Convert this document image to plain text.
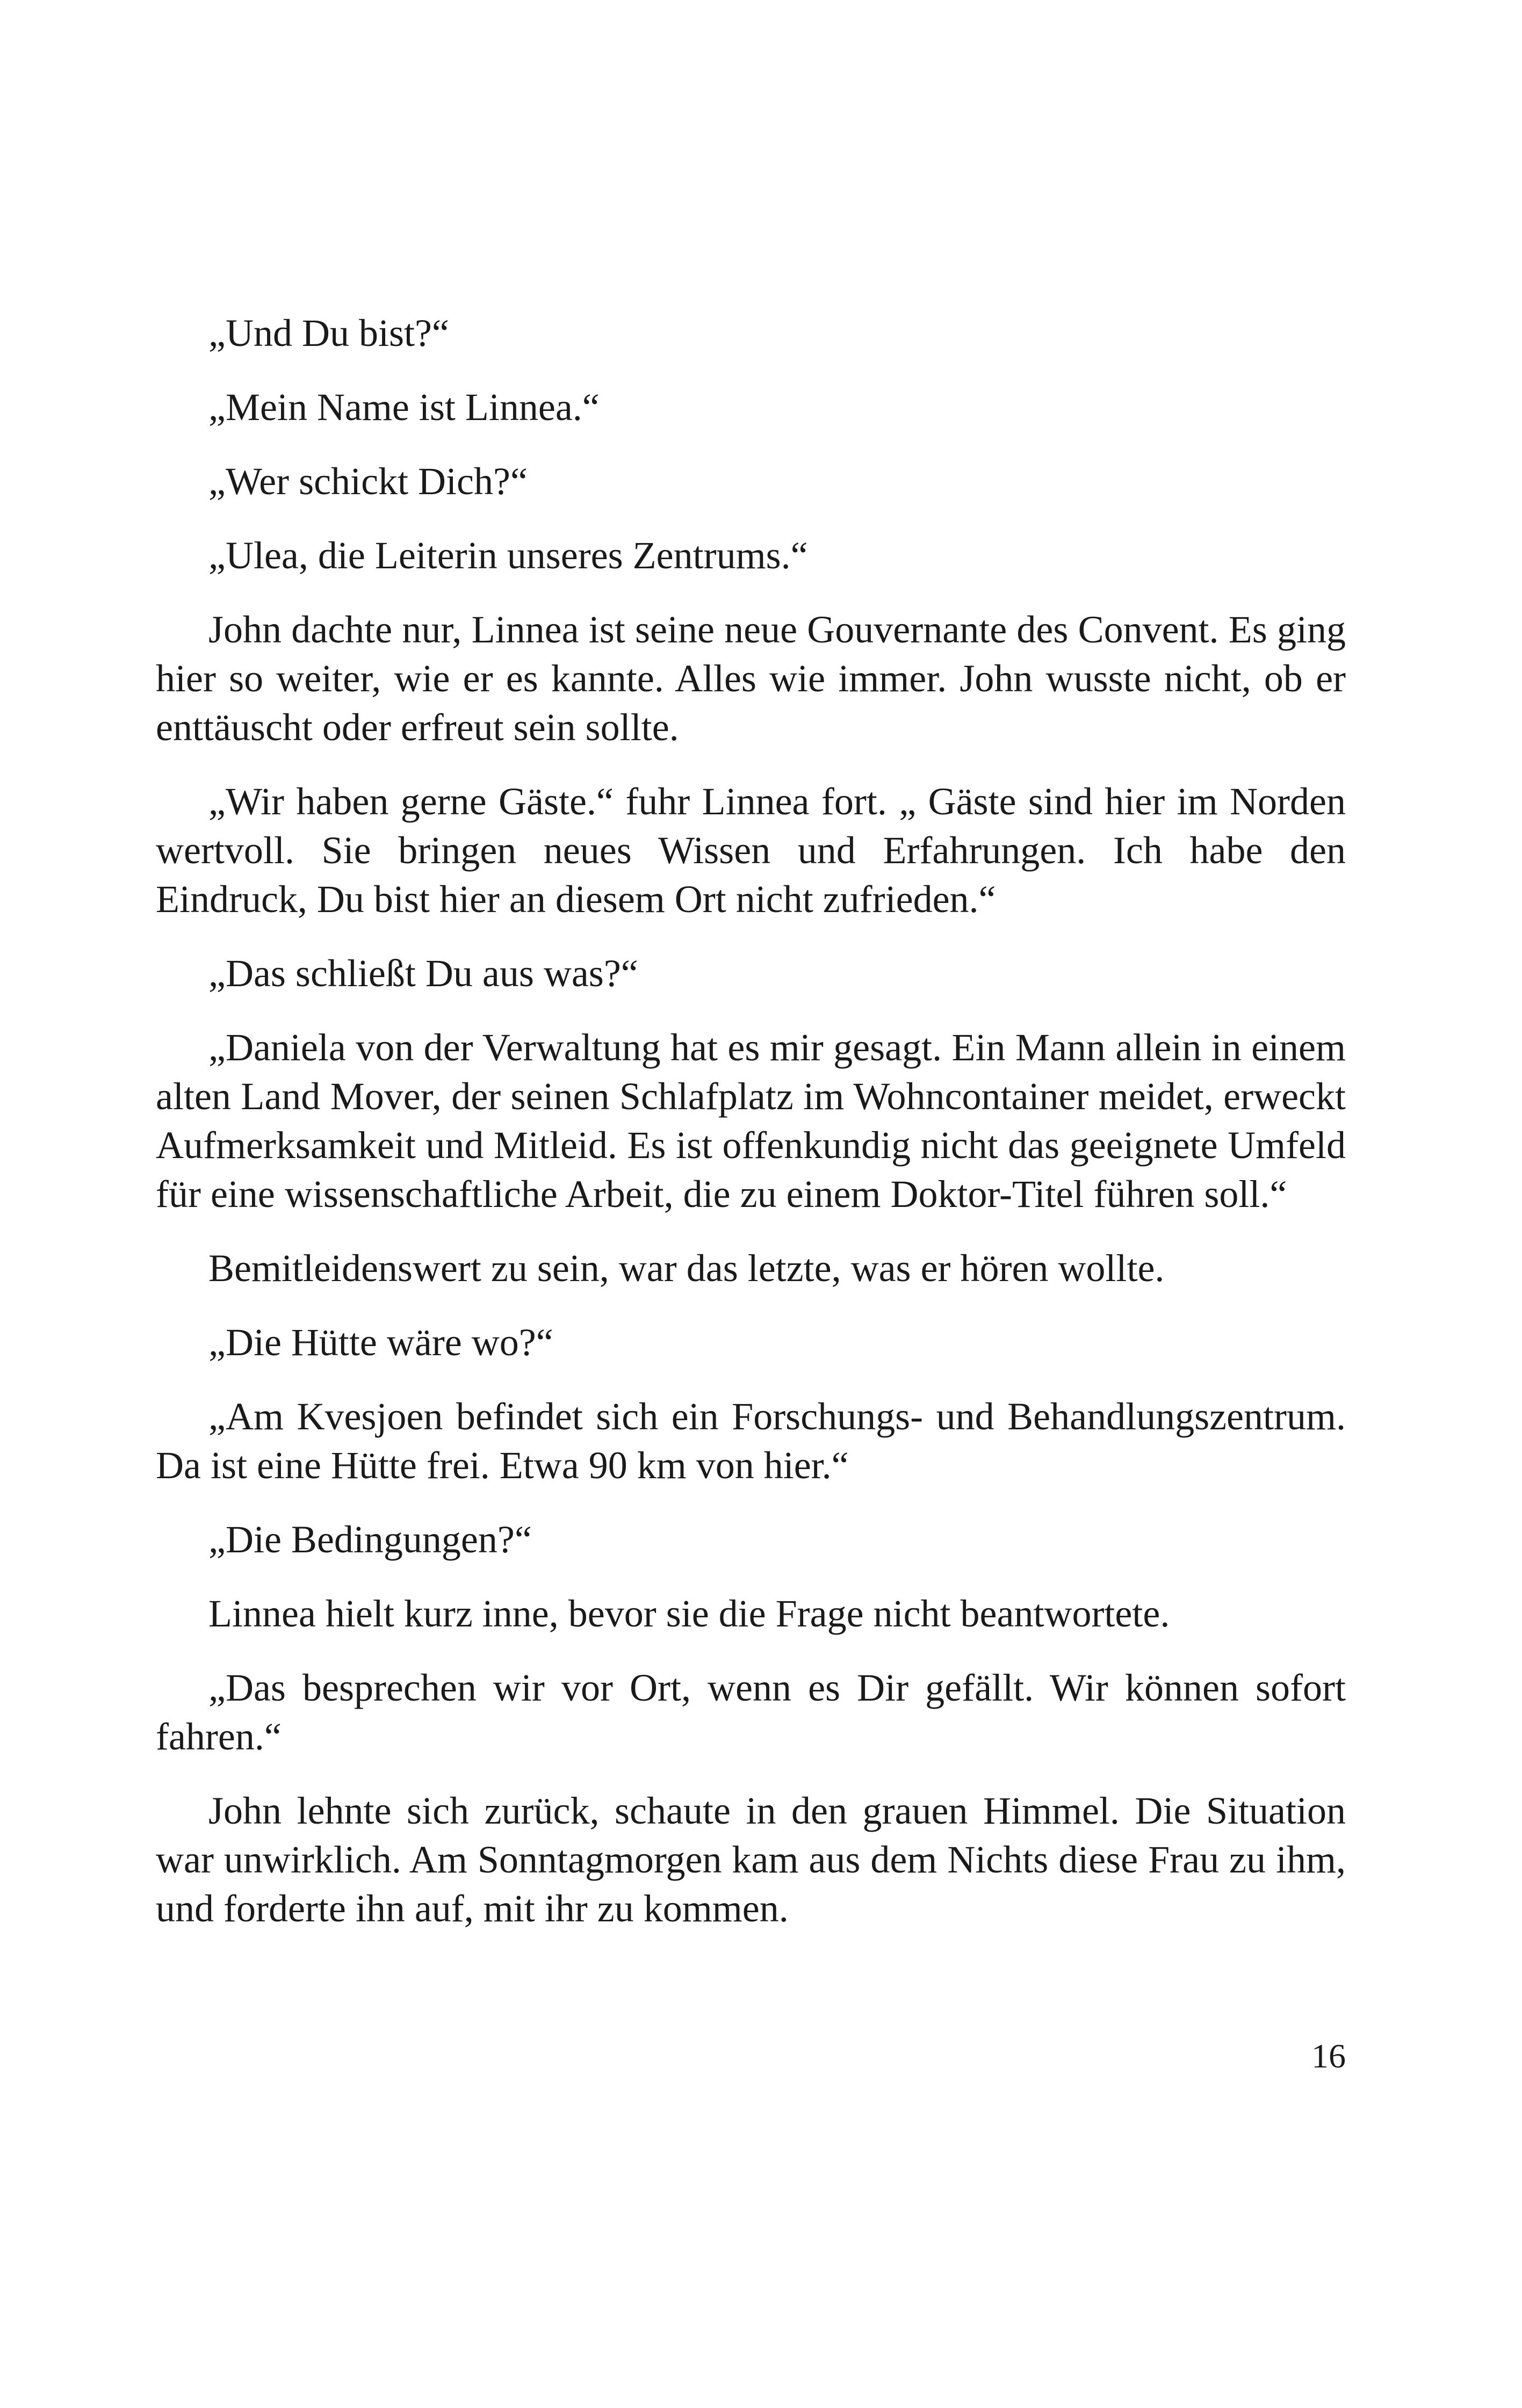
„Und Du bist?“

„Mein Name ist Linnea.“

„Wer schickt Dich?“

„Ulea, die Leiterin unseres Zentrums.“

John dachte nur, Linnea ist seine neue Gouvernante des Convent. Es ging hier so weiter, wie er es kannte. Alles wie immer. John wusste nicht, ob er enttäuscht oder erfreut sein sollte.

„Wir haben gerne Gäste.“ fuhr Linnea fort. „ Gäste sind hier im Norden wertvoll. Sie bringen neues Wissen und Erfahrungen. Ich habe den Eindruck, Du bist hier an diesem Ort nicht zufrieden.“

„Das schließt Du aus was?“

„Daniela von der Verwaltung hat es mir gesagt. Ein Mann allein in einem alten Land Mover, der seinen Schlafplatz im Wohncontainer meidet, erweckt Aufmerksamkeit und Mitleid. Es ist offenkundig nicht das geeignete Umfeld für eine wissenschaftliche Arbeit, die zu einem Doktor-Titel führen soll.“

Bemitleidenswert zu sein, war das letzte, was er hören wollte.

„Die Hütte wäre wo?“

„Am Kvesjoen befindet sich ein Forschungs- und Behandlungszentrum. Da ist eine Hütte frei. Etwa 90 km von hier.“

„Die Bedingungen?“

Linnea hielt kurz inne, bevor sie die Frage nicht beantwortete.

„Das besprechen wir vor Ort, wenn es Dir gefällt. Wir können sofort fahren.“

John lehnte sich zurück, schaute in den grauen Himmel. Die Situation war unwirklich. Am Sonntagmorgen kam aus dem Nichts diese Frau zu ihm, und forderte ihn auf, mit ihr zu kommen.

16
